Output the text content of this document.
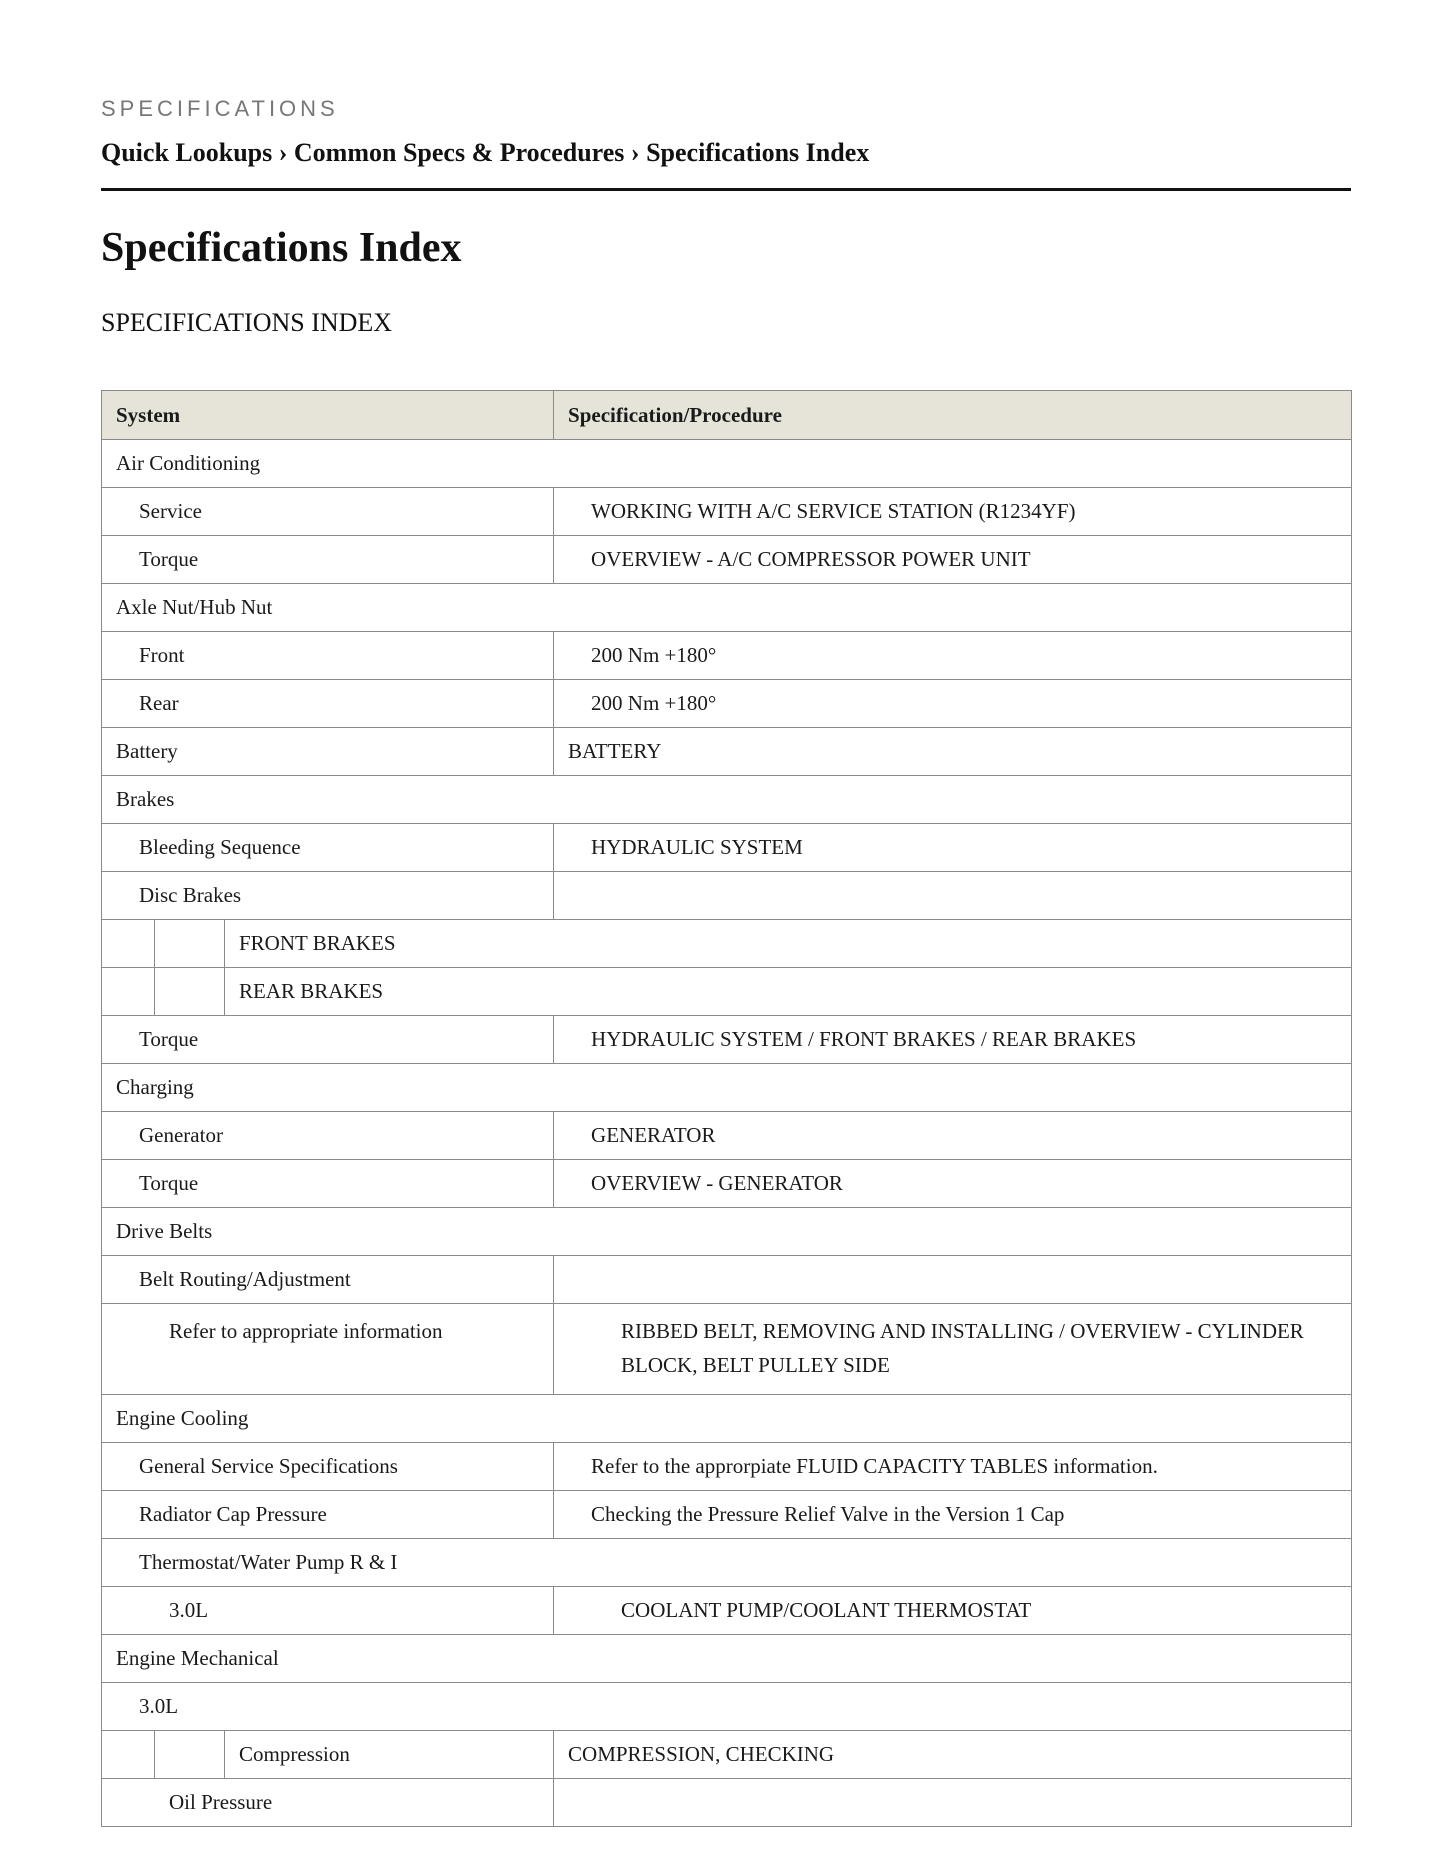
SPECIFICATIONS
Quick Lookups › Common Specs & Procedures › Specifications Index
Specifications Index
SPECIFICATIONS INDEX
System			Specification/Procedure
Air Conditioning			
Service			WORKING WITH A/C SERVICE STATION (R1234YF)
Torque			OVERVIEW - A/C COMPRESSOR POWER UNIT
Axle Nut/Hub Nut			
Front			200 Nm +180°
Rear			200 Nm +180°
Battery			BATTERY
Brakes			
Bleeding Sequence			HYDRAULIC SYSTEM
Disc Brakes			
		FRONT BRAKES	
		REAR BRAKES	
Torque			HYDRAULIC SYSTEM / FRONT BRAKES / REAR BRAKES
Charging			
Generator			GENERATOR
Torque			OVERVIEW - GENERATOR
Drive Belts			
Belt Routing/Adjustment			
Refer to appropriate information			RIBBED BELT, REMOVING AND INSTALLING / OVERVIEW - CYLINDER BLOCK, BELT PULLEY SIDE
Engine Cooling			
General Service Specifications			Refer to the approrpiate FLUID CAPACITY TABLES information.
Radiator Cap Pressure			Checking the Pressure Relief Valve in the Version 1 Cap
Thermostat/Water Pump R & I			
3.0L			COOLANT PUMP/COOLANT THERMOSTAT
Engine Mechanical			
3.0L			
		Compression	COMPRESSION, CHECKING
Oil Pressure			
